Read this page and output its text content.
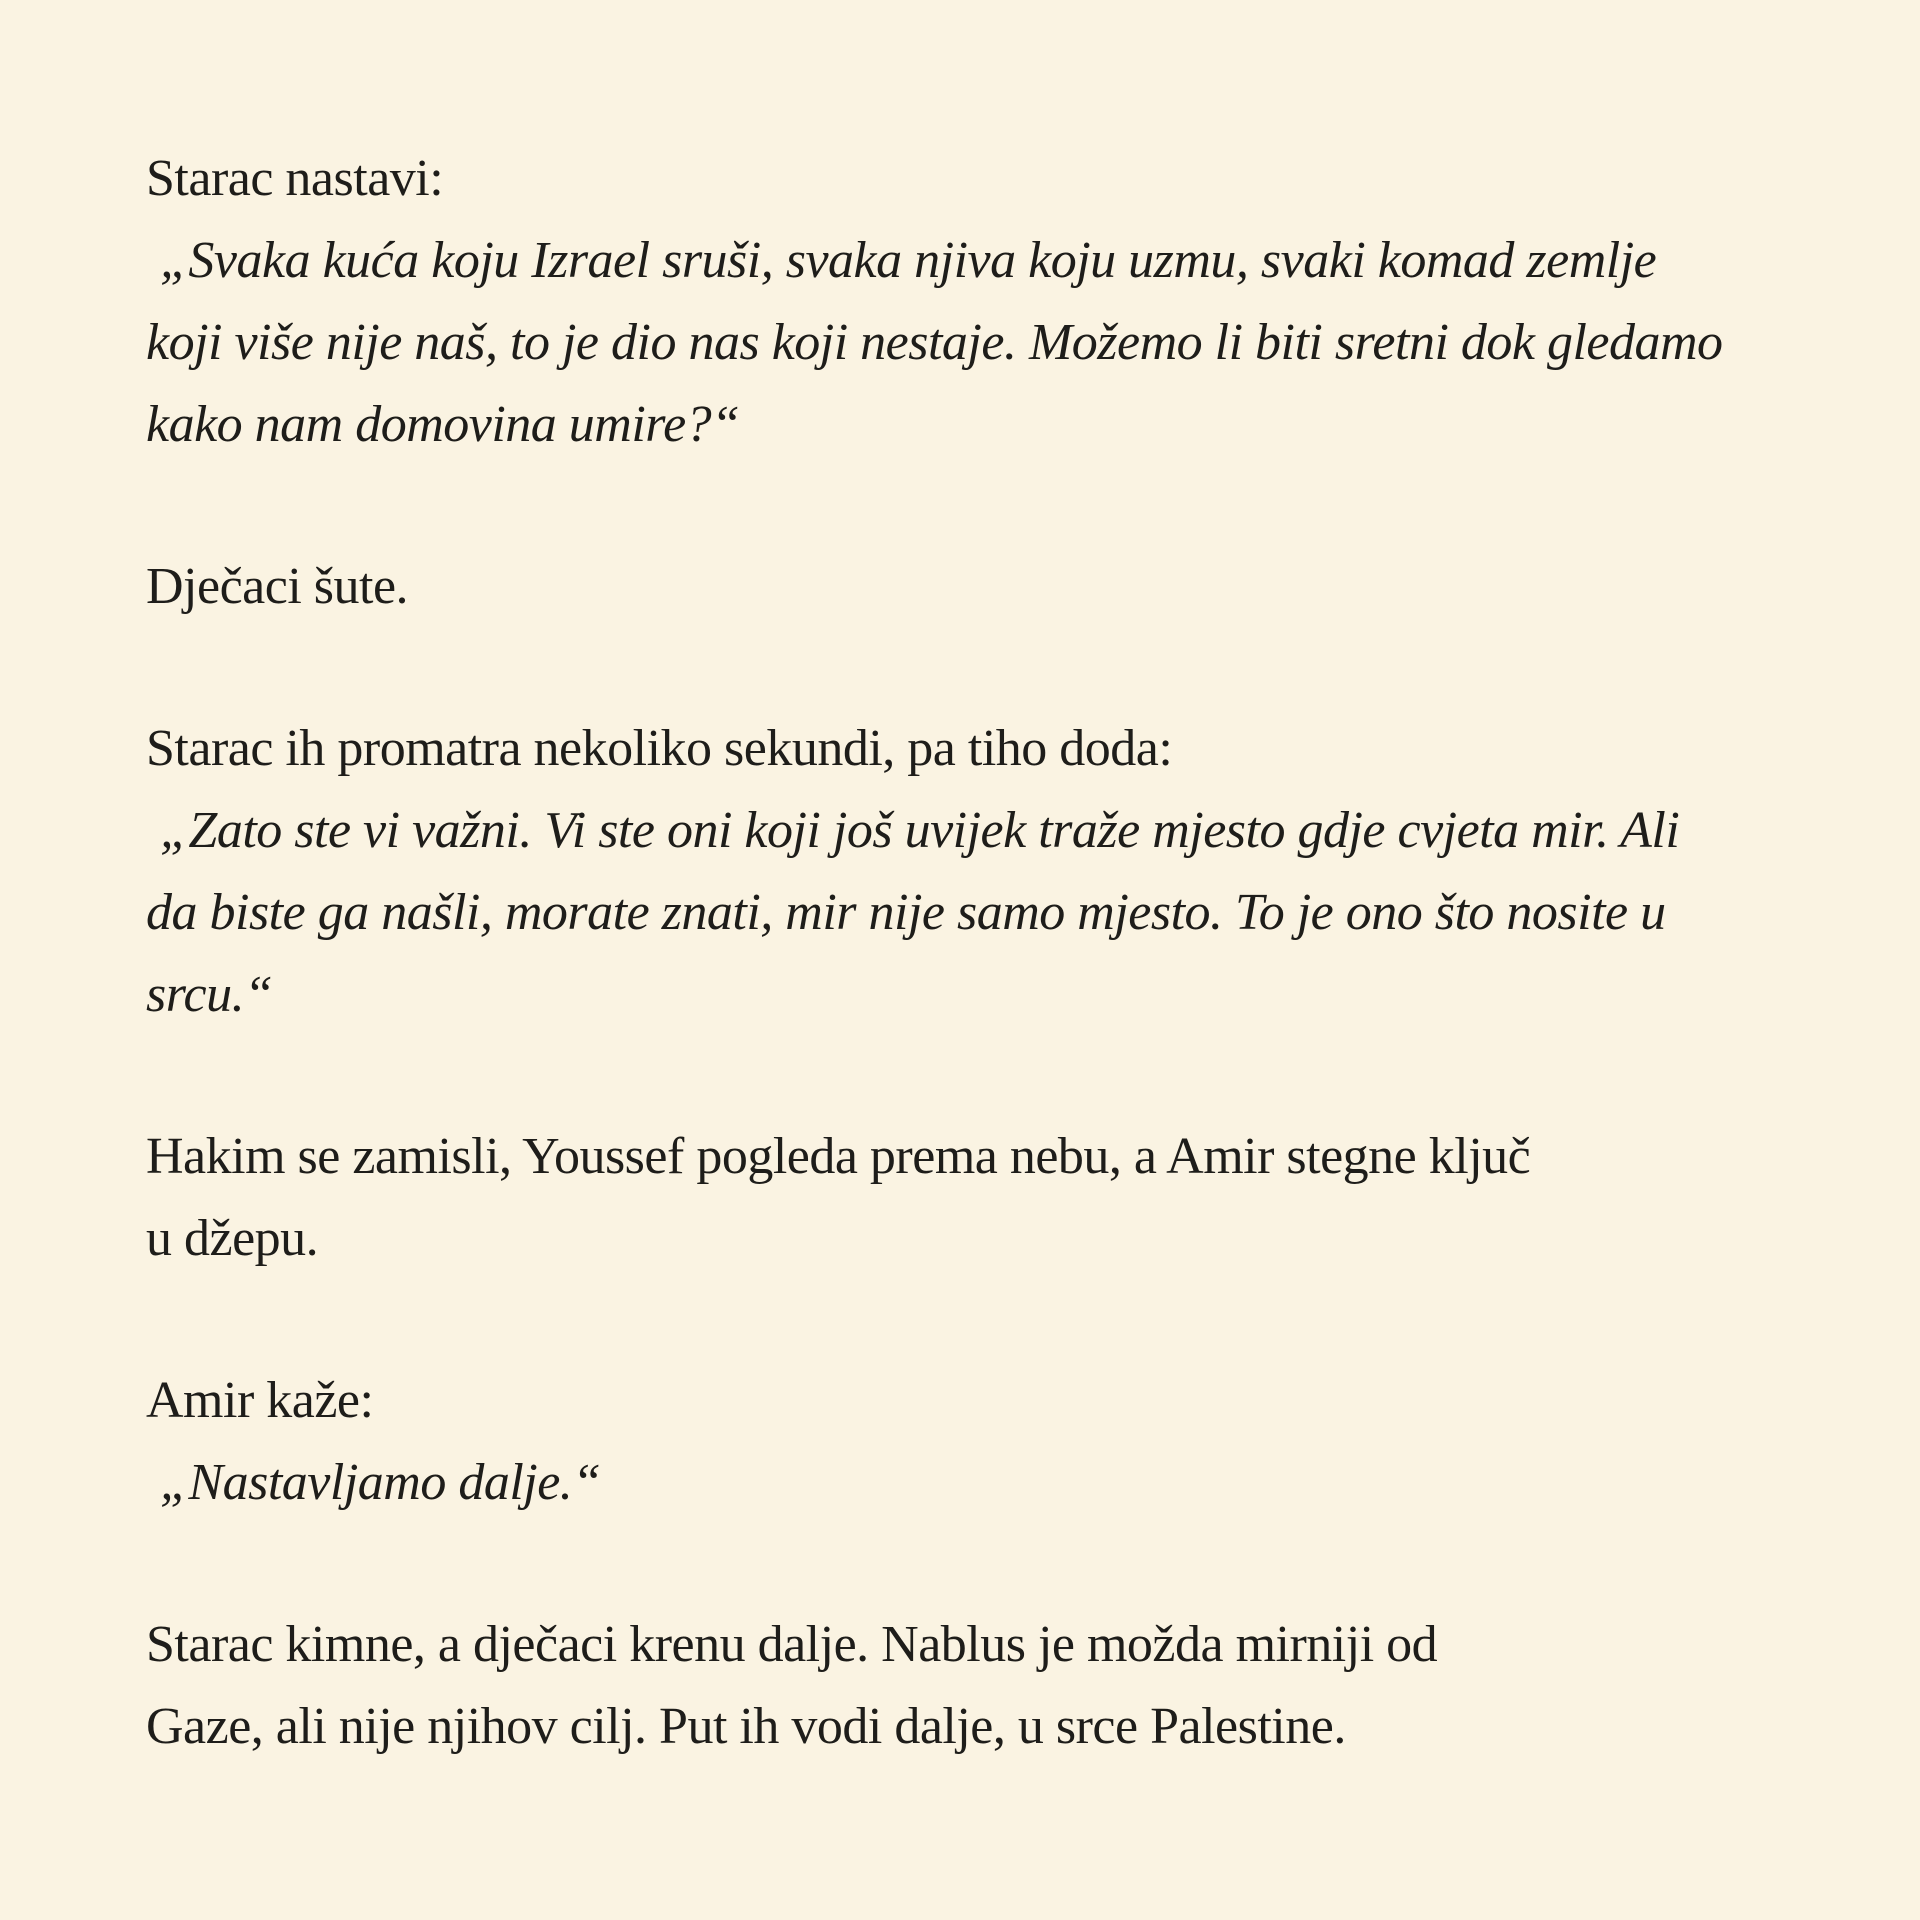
Starac nastavi:
„Svaka kuća koju Izrael sruši, svaka njiva koju uzmu, svaki komad zemlje
koji više nije naš, to je dio nas koji nestaje. Možemo li biti sretni dok gledamo
kako nam domovina umire?“
Dječaci šute.
Starac ih promatra nekoliko sekundi, pa tiho doda:
„Zato ste vi važni. Vi ste oni koji još uvijek traže mjesto gdje cvjeta mir. Ali
da biste ga našli, morate znati, mir nije samo mjesto. To je ono što nosite u
srcu.“
Hakim se zamisli, Youssef pogleda prema nebu, a Amir stegne ključ
u džepu.
Amir kaže:
„Nastavljamo dalje.“
Starac kimne, a dječaci krenu dalje. Nablus je možda mirniji od
Gaze, ali nije njihov cilj. Put ih vodi dalje, u srce Palestine.
